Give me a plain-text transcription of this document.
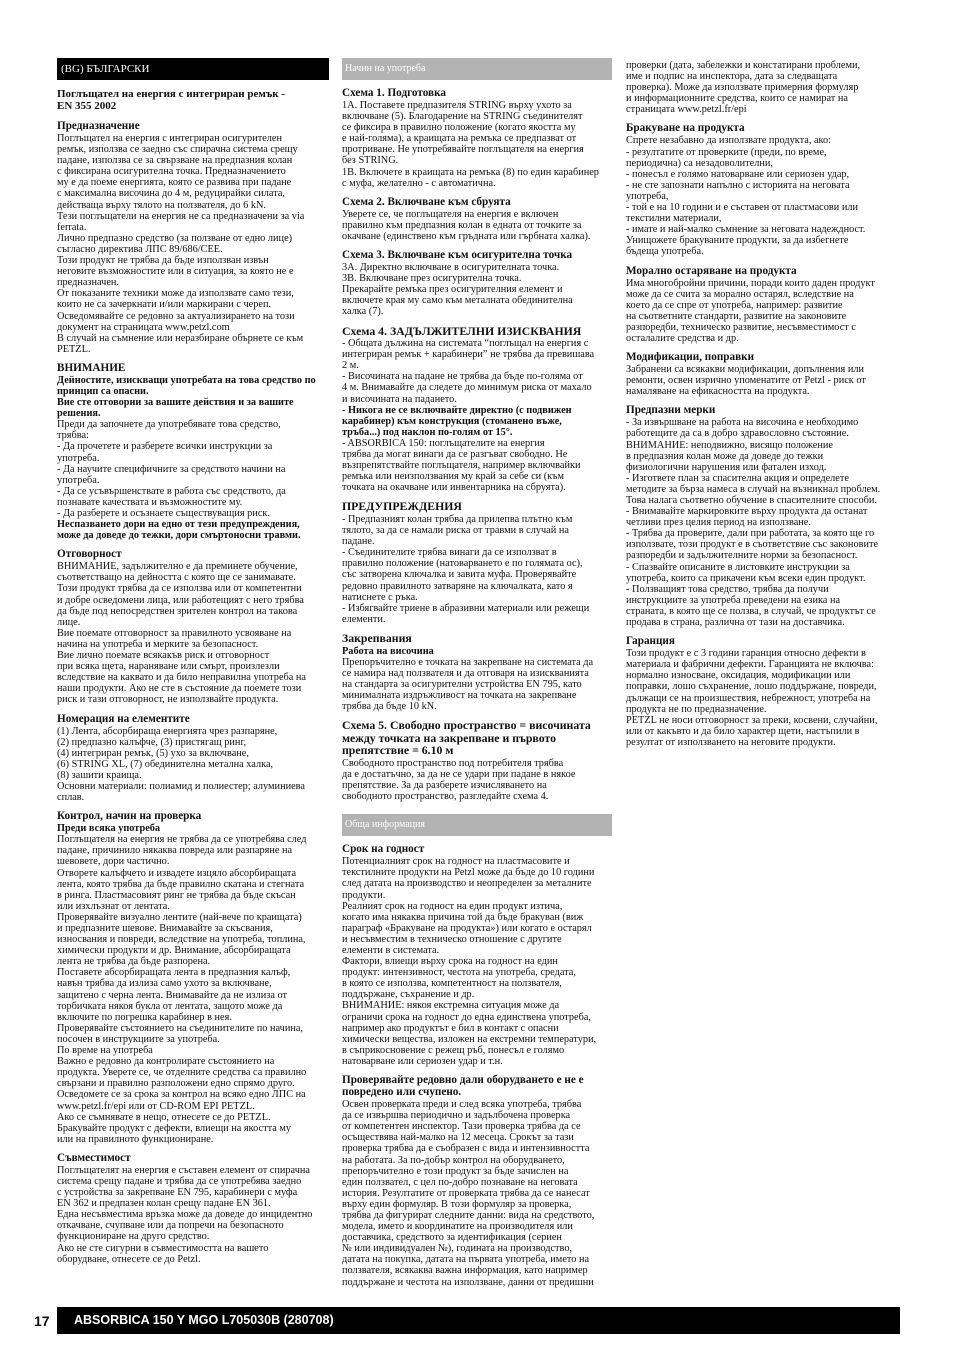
(BG) БЪЛГАРСКИ

Поглъщател на енергия с интегриран ремък -
EN 355 2002

Предназначение

Поглъщател на енергия с интегриран осигурителен
ремък, използва се заедно със спирачна система срещу
падане, използва се за свързване на предпазния колан
с фиксирана осигурителна точка. Предназначението
му е да поеме енергията, която се развива при падане
с максимална височина до 4 м, редуцирайки силата,
действаща върху тялото на ползвателя, до 6 kN.
Тези поглъщатели на енергия не са предназначени за via
ferrata.
Лично предпазно средство (за ползване от едно лице)
съгласно директива ЛПС 89/686/CEE.
Този продукт не трябва да бъде използван извън
неговите възможностите или в ситуация, за която не е
предназначен.
От показаните техники може да използвате само тези,
които не са зачеркнати и/или маркирани с череп.
Осведомявайте се редовно за актуализирането на този
документ на страницата www.petzl.com
В случай на съмнение или неразбиране обърнете се към
PETZL.

ВНИМАНИЕ

Дейностите, изискващи употребата на това средство по
принцип са опасни.
Вие сте отговорни за вашите действия и за вашите
решения.

Преди да започнете да употребявате това средство,
трябва:
- Да прочетете и разберете всички инструкции за
употреба.
- Да научите специфичните за средството начини на
употреба.
- Да се усъвършенствате в работа със средството, да
познавате качествата и възможностите му.
- Да разберете и осъзнаете съществуващия риск.

Неспазването дори на едно от тези предупреждения,
може да доведе до тежки, дори смъртоносни травми.

Отговорност

ВНИМАНИЕ, задължително е да преминете обучение,
съответстващо на дейността с която ще се занимавате.
Този продукт трябва да се използва или от компетентни
и добре осведомени лица, или работещият с него трябва
да бъде под непосредствен зрителен контрол на такова
лице.
Вие поемате отговорност за правилното усвояване на
начина на употреба и мерките за безопасност.
Вие лично поемате всякакъв риск и отговорност
при всяка щета, нараняване или смърт, произлезли
вследствие на каквато и да било неправилна употреба на
наши продукти. Ако не сте в състояние да поемете този
риск и тази отговорност, не използвайте продукта.

Номерация на елементите

(1) Лента, абсорбираща енергията чрез разпаряне,
(2) предпазно калъфче, (3) пристягащ ринг,
(4) интегриран ремък, (5) ухо за включване,
(6) STRING XL, (7) обединителна метална халка,
(8) зашити краища.
Основни материали: полиамид и полиестер; алуминиева
сплав.

Контрол, начин на проверка
Преди всяка употреба

Поглъщателя на енергия не трябва да се употребява след
падане, причинило някаква повреда или разпаряне на
шевовете, дори частично.
Отворете калъфчето и извадете изцяло абсорбиращата
лента, която трябва да бъде правилно скатана и стегната
в ринга. Пластмасовият ринг не трябва да бъде скъсан
или изхлъзнат от лентата.
Проверявайте визуално лентите (най-вече по краищата)
и предпазните шевове. Внимавайте за скъсвания,
износвания и повреди, вследствие на употреба, топлина,
химически продукти и др. Внимание, абсорбиращата
лента не трябва да бъде разпорена.
Поставете абсорбиращата лента в предпазния калъф,
навън трябва да излиза само ухото за включване,
защитено с черна лента. Внимавайте да не излиза от
торбичката някоя букла от лентата, защото може да
включите по погрешка карабинер в нея.
Проверявайте състоянието на съединителите по начина,
посочен в инструкциите за употреба.
По време на употреба
Важно е редовно да контролирате състоянието на
продукта. Уверете се, че отделните средства са правилно
свързани и правилно разположени едно спрямо друго.
Осведомете се за срока за контрол на всяко едно ЛПС на
www.petzl.fr/epi или от CD-ROM EPI PETZL.
Ако се съмнявате в нещо, отнесете се до PETZL.
Бракувайте продукт с дефекти, влиещи на якостта му
или на правилното функциониране.

Съвместимост

Поглъщателят на енергия е съставен елемент от спирачна
система срещу падане и трябва да се употребява заедно
с устройства за закрепване EN 795, карабинери с муфа
EN 362 и предпазен колан срещу падане EN 361.
Една несъвместима връзка може да доведе до инцидентно
откачване, счупване или да попречи на безопасното
функциониране на друго средство.
Ако не сте сигурни в съвместимостта на вашето
оборудване, отнесете се до Petzl.

Начин на употреба
Схема 1. Подготовка

1А. Поставете предпазителя STRING върху ухото за
включване (5). Благодарение на STRING съединителят
се фиксира в правилно положение (когато якостта му
е най-голяма), а краищата на ремъка се предпазват от
протриване. Не употребявайте поглъщателя на енергия
без STRING.
1В. Включете в краищата на ремъка (8) по един карабинер
с муфа, желателно - с автоматична.

Схема 2. Включване към сбруята

Уверете се, че поглъщателя на енергия е включен
правилно към предпазния колан в едната от точките за
окачване (единствено към гръдната или гърбната халка).

Схема 3. Включване към осигурителна точка

3А. Директно включване в осигурителната точка.
3В. Включване през осигурителна точка.
Прекарайте ремъка през осигурителния елемент и
включете края му само към металната обединителна
халка (7).

Схема 4. ЗАДЪЛЖИТЕЛНИ ИЗИСКВАНИЯ

- Общата дължина на системата “поглъщал на енергия с
интегриран ремък + карабинери” не трябва да превишава
2 м.
- Височината на падане не трябва да бъде по-голяма от
4 м. Внимавайте да следете до минимум риска от махало
и височината на падането.

- Никога не се включвайте директно (с подвижен
карабинер) към конструкция (стоманено въже,
тръба...) под наклон по-голям от 15°.

- ABSORBICA 150: поглъщателите на енергия
трябва да могат винаги да се разгъват свободно. Не
възпрепятствайте поглъщателя, например включвайки
ремъка или неизползвания му край за себе си (към
точката на окачване или инвентарника на сбруята).

ПРЕДУПРЕЖДЕНИЯ

- Предпазният колан трябва да прилепва плътно към
тялото, за да се намали риска от травми в случай на
падане.
- Съединителите трябва винаги да се използват в
правилно положение (натоварването е по голямата ос),
със затворена ключалка и завита муфа. Проверявайте
редовно правилното затваряне на ключалката, като я
натиснете с ръка.
- Избягвайте триене в абразивни материали или режещи
елементи.

Закрепвания
Работа на височина

Препоръчително е точката на закрепване на системата да
се намира над ползвателя и да отговаря на изискванията
на стандарта за осигурителни устройства EN 795, като
минималната издръжливост на точката на закрепване
трябва да бъде 10 kN.

Схема 5. Свободно пространство = височината
между точката на закрепване и първото
препятствие = 6.10 м

Свободното пространство под потребителя трябва
да е достатъчно, за да не се удари при падане в някое
препятствие. За да разберете изчисляването на
свободното пространство, разгледайте схема 4.

Обща информация
Срок на годност

Потенциалният срок на годност на пластмасовите и
текстилните продукти на Petzl може да бъде до 10 години
след датата на производство и неопределен за металните
продукти.
Реалният срок на годност на един продукт изтича,
когато има някаква причина той да бъде бракуван (виж
параграф «Бракуване на продукта») или когато е остарял
и несъвместим в техническо отношение с другите
елементи в системата.
Фактори, влиещи върху срока на годност на един
продукт: интензивност, честота на употреба, средата,
в която се използва, компетентност на ползвателя,
поддържане, съхранение и др.
ВНИМАНИЕ: някоя екстремна ситуация може да
ограничи срока на годност до една единствена употреба,
например ако продуктът е бил в контакт с опасни
химически вещества, изложен на екстремни температури,
в съприкосновение с режещ ръб, понесъл е голямо
натоварване или сериозен удар и т.н.

Проверявайте редовно дали оборудването е не е
повредено или счупено.

Освен проверката преди и след всяка употреба, трябва
да се извършва периодично и задълбочена проверка
от компетентен инспектор. Тази проверка трябва да се
осъществява най-малко на 12 месеца. Срокът за тази
проверка трябва да е съобразен с вида и интензивността
на работата. За по-добър контрол на оборудването,
препоръчително е този продукт за бъде зачислен на
един ползвател, с цел по-добро познаване на неговата
история. Резултатите от проверката трябва да се нанесат
върху един формуляр. В този формуляр за проверка,
трябва да фигурират следните данни: вида на средството,
модела, името и координатите на производителя или
доставчика, средството за идентификация (сериен
№ или индивидуален №), годината на производство,
датата на покупка, датата на първата употреба, името на
ползвателя, всякаква важна информация, като например
поддържане и честота на използване, данни от предишни

проверки (дата, забележки и констатирани проблеми,
име и подпис на инспектора, дата за следващата
проверка). Може да използвате примерния формуляр
и информационните средства, които се намират на
страницата www.petzl.fr/epi

Бракуване на продукта

Спрете незабавно да използвате продукта, ако:
- резултатите от проверките (преди, по време,
периодична) са незадоволителни,
- понесъл е голямо натоварване или сериозен удар,
- не сте запознати напълно с историята на неговата
употреба,
- той е на 10 години и е съставен от пластмасови или
текстилни материали,
- имате и най-малко съмнение за неговата надеждност.
Унищожете бракуваните продукти, за да избегнете
бъдеща употреба.

Морално остаряване на продукта

Има многобройни причини, поради които даден продукт
може да се счита за морално остарял, вследствие на
което да се спре от употреба, например: развитие
на съответните стандарти, развитие на законовите
разпоредби, техническо развитие, несъвместимост с
осталалите средства и др.

Модификации, поправки

Забранени са всякакви модификации, допълнения или
ремонти, освен изрично упоменатите от Petzl - риск от
намаляване на ефикасността на продукта.

Предпазни мерки

- За извършване на работа на височина е необходимо
работещите да са в добро здравословно състояние.
ВНИМАНИЕ: неподвижно, висящо положение
в предпазния колан може да доведе до тежки
физиологични нарушения или фатален изход.
- Изгответе план за спасителна акция и определете
методите за бърза намеса в случай на възникнал проблем.
Това налага съответно обучение в спасителните способи.
- Внимавайте маркировките върху продукта да останат
четливи през целия период на използване.
- Трябва да проверите, дали при работата, за която ще го
използвате, този продукт е в съответствие със законовите
разпоредби и задължителните норми за безопасност.
- Спазвайте описаните в листовките инструкции за
употреба, които са прикачени към всеки един продукт.
- Ползващият това средство, трябва да получи
инструкциите за употреба преведени на езика на
страната, в която ще се ползва, в случай, че продуктът се
продава в страна, различна от тази на доставчика.

Гаранция

Този продукт е с 3 години гаранция относно дефекти в
материала и фабрични дефекти. Гаранцията не включва:
нормално износване, оксидация, модификации или
поправки, лошо съхранение, лошо поддържане, повреди,
дължащи се на произшествия, небрежност, употреба на
продукта не по предназначение.
PETZL не носи отговорност за преки, косвени, случайни,
или от какъвто и да било характер щети, настъпили в
резултат от използването на неговите продукти.

17	ABSORBICA 150 Y MGO L705030B (280708)
